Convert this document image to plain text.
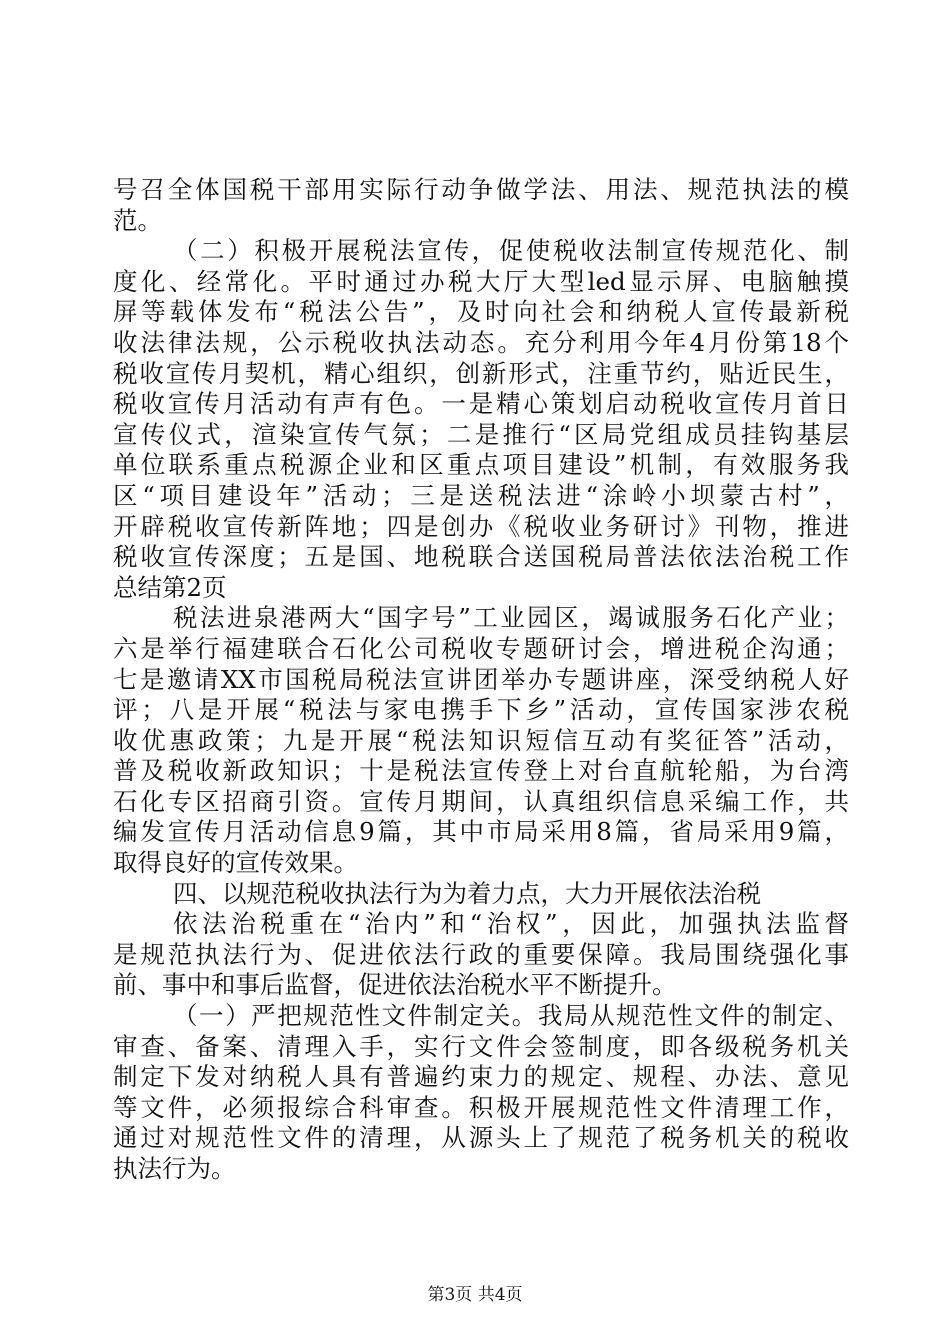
号召全体国税干部用实际行动争做学法、用法、规范执法的模
范。
（二）积极开展税法宣传，促使税收法制宣传规范化、制
度化、经常化。平时通过办税大厅大型led显示屏、电脑触摸
屏等载体发布“税法公告”，及时向社会和纳税人宣传最新税
收法律法规，公示税收执法动态。充分利用今年4月份第18个
税收宣传月契机，精心组织，创新形式，注重节约，贴近民生，
税收宣传月活动有声有色。一是精心策划启动税收宣传月首日
宣传仪式，渲染宣传气氛；二是推行“区局党组成员挂钩基层
单位联系重点税源企业和区重点项目建设”机制，有效服务我
区“项目建设年”活动；三是送税法进“涂岭小坝蒙古村”，
开辟税收宣传新阵地；四是创办《税收业务研讨》刊物，推进
税收宣传深度；五是国、地税联合送国税局普法依法治税工作
总结第2页
税法进泉港两大“国字号”工业园区，竭诚服务石化产业；
六是举行福建联合石化公司税收专题研讨会，增进税企沟通；
七是邀请XX市国税局税法宣讲团举办专题讲座，深受纳税人好
评；八是开展“税法与家电携手下乡”活动，宣传国家涉农税
收优惠政策；九是开展“税法知识短信互动有奖征答”活动，
普及税收新政知识；十是税法宣传登上对台直航轮船，为台湾
石化专区招商引资。宣传月期间，认真组织信息采编工作，共
编发宣传月活动信息9篇，其中市局采用8篇，省局采用9篇，
取得良好的宣传效果。
四、以规范税收执法行为为着力点，大力开展依法治税
依法治税重在“治内”和“治权”，因此，加强执法监督
是规范执法行为、促进依法行政的重要保障。我局围绕强化事
前、事中和事后监督，促进依法治税水平不断提升。
（一）严把规范性文件制定关。我局从规范性文件的制定、
审查、备案、清理入手，实行文件会签制度，即各级税务机关
制定下发对纳税人具有普遍约束力的规定、规程、办法、意见
等文件，必须报综合科审查。积极开展规范性文件清理工作，
通过对规范性文件的清理，从源头上了规范了税务机关的税收
执法行为。
第3页 共4页
